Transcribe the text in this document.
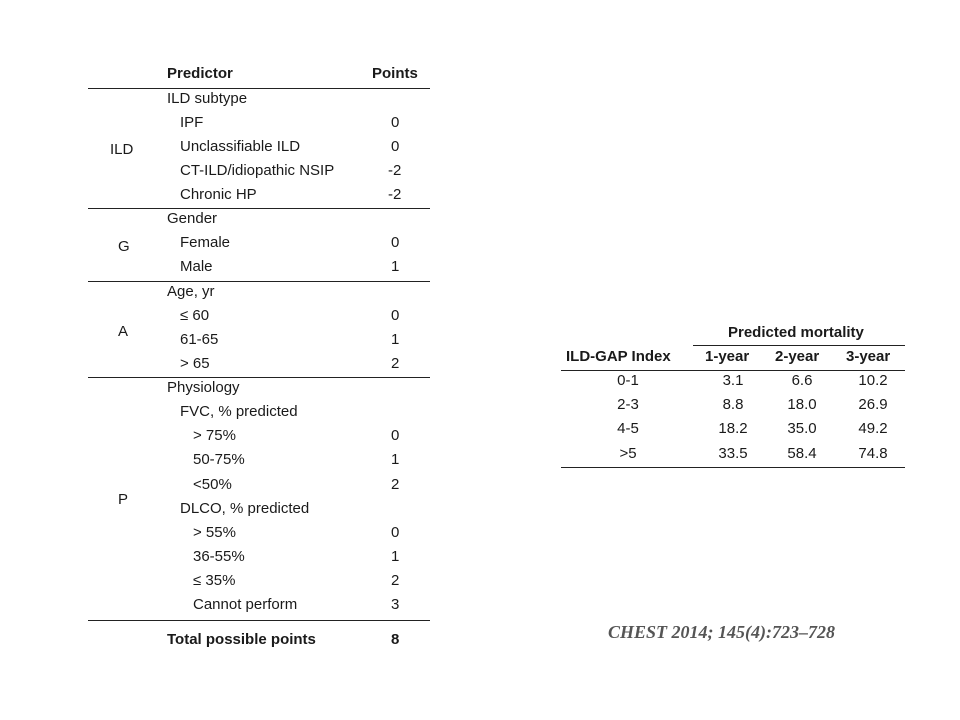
Predictor	Points
ILD
ILD subtype
IPF	0
Unclassifiable ILD	0
CT-ILD/idiopathic NSIP	-2
Chronic HP	-2
G
Gender
Female	0
Male	1
A
Age, yr
≤ 60	0
61-65	1
> 65	2
P
Physiology
FVC, % predicted
> 75%	0
50-75%	1
<50%	2
DLCO, % predicted
> 55%	0
36-55%	1
≤ 35%	2
Cannot perform	3
Total possible points	8
Predicted mortality
ILD-GAP Index 1-year 2-year 3-year
0-1	3.1	6.6	10.2
2-3	8.8	18.0	26.9
4-5	18.2	35.0	49.2
>5	33.5	58.4	74.8
CHEST 2014; 145(4):723–728
